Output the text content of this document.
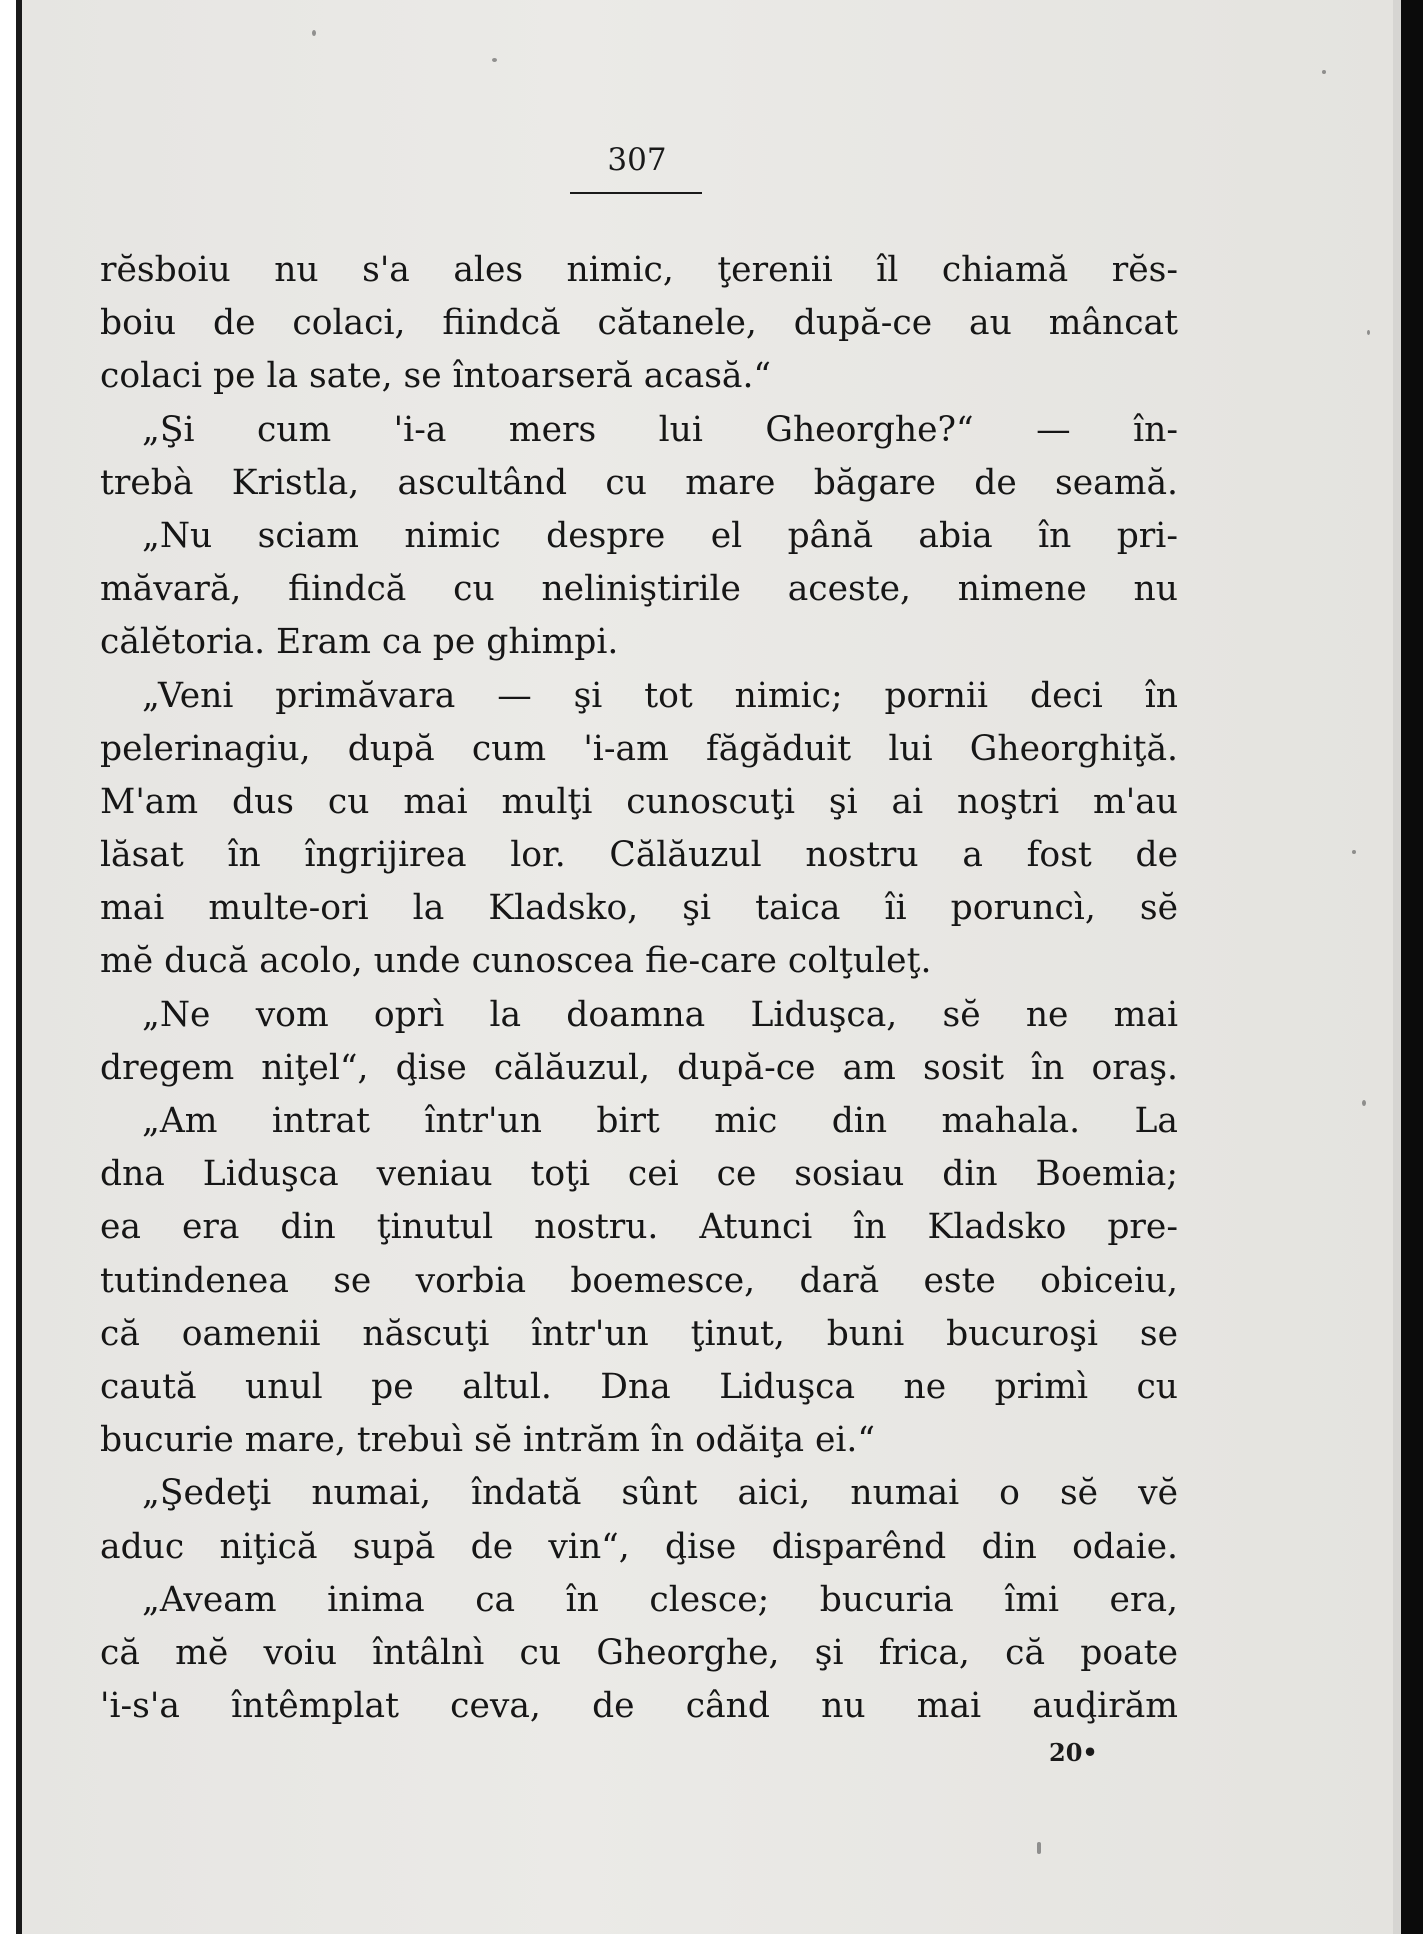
307
rĕsboiu nu s'a ales nimic, ţerenii îl chiamă rĕs-
boiu de colaci, fiindcă cătanele, după-ce au mâncat
colaci pe la sate, se întoarseră acasă.“
„Şi cum 'i-a mers lui Gheorghe?“ — în-
trebà Kristla, ascultând cu mare băgare de seamă.
„Nu sciam nimic despre el până abia în pri-
măvară, fiindcă cu neliniştirile aceste, nimene nu
călĕtoria. Eram ca pe ghimpi.
„Veni primăvara — şi tot nimic; pornii deci în
pelerinagiu, după cum 'i-am făgăduit lui Gheorghiţă.
M'am dus cu mai mulţi cunoscuţi şi ai noştri m'au
lăsat în îngrijirea lor. Călăuzul nostru a fost de
mai multe-ori la Kladsko, şi taica îi poruncì, sĕ
mĕ ducă acolo, unde cunoscea fie-care colţuleţ.
„Ne vom oprì la doamna Liduşca, sĕ ne mai
dregem niţel“, ḑise călăuzul, după-ce am sosit în oraş.
„Am intrat într'un birt mic din mahala. La
dna Liduşca veniau toţi cei ce sosiau din Boemia;
ea era din ţinutul nostru. Atunci în Kladsko pre-
tutindenea se vorbia boemesce, dară este obiceiu,
că oamenii născuţi într'un ţinut, buni bucuroşi se
caută unul pe altul. Dna Liduşca ne primì cu
bucurie mare, trebuì sĕ intrăm în odăiţa ei.“
„Şedeţi numai, îndată sûnt aici, numai o sĕ vĕ
aduc niţică supă de vin“, ḑise disparênd din odaie.
„Aveam inima ca în clesce; bucuria îmi era,
că mĕ voiu întâlnì cu Gheorghe, şi frica, că poate
'i-s'a întêmplat ceva, de când nu mai auḑirăm
20•
